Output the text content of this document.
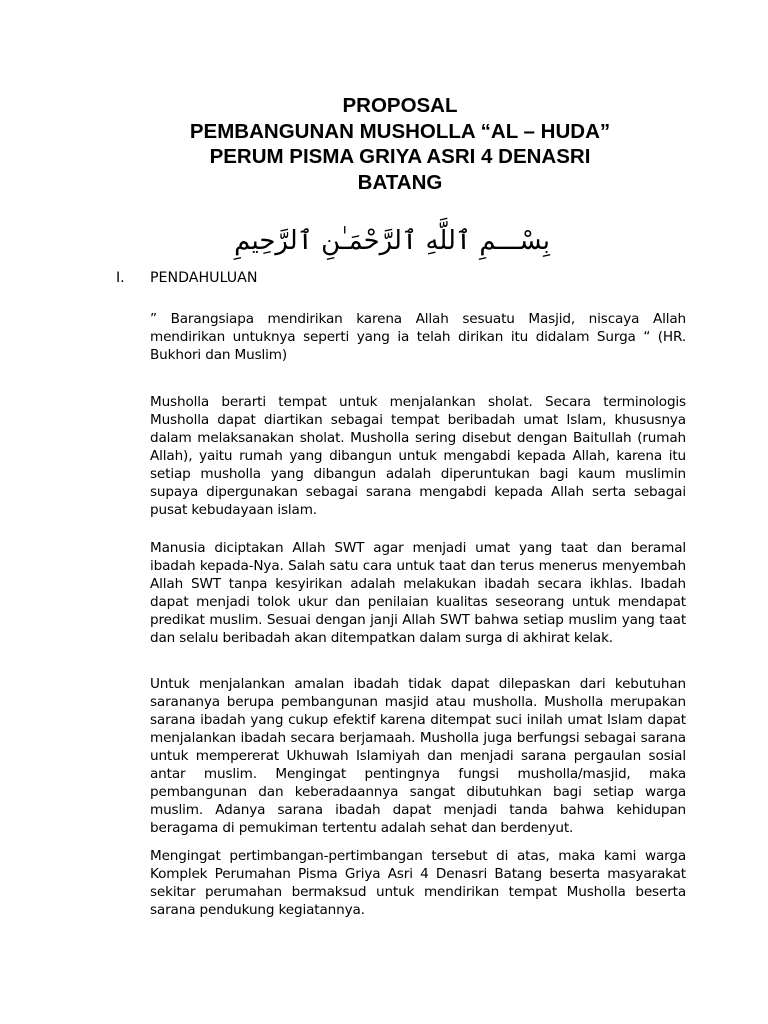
PROPOSAL
PEMBANGUNAN MUSHOLLA “AL – HUDA”
PERUM PISMA GRIYA ASRI 4 DENASRI
BATANG
بِسْـــمِ ٱللَّهِ ٱلرَّحْمَـٰنِ ٱلرَّحِيمِ
I. PENDAHULUAN

” Barangsiapa mendirikan karena Allah sesuatu Masjid, niscaya Allah mendirikan untuknya seperti yang ia telah dirikan itu didalam Surga “ (HR. Bukhori dan Muslim)

Musholla berarti tempat untuk menjalankan sholat. Secara terminologis Musholla dapat diartikan sebagai tempat beribadah umat Islam, khususnya dalam melaksanakan sholat. Musholla sering disebut dengan Baitullah (rumah Allah), yaitu rumah yang dibangun untuk mengabdi kepada Allah, karena itu setiap musholla yang dibangun adalah diperuntukan bagi kaum muslimin supaya dipergunakan sebagai sarana mengabdi kepada Allah serta sebagai pusat kebudayaan islam.

Manusia diciptakan Allah SWT agar menjadi umat yang taat dan beramal ibadah kepada-Nya. Salah satu cara untuk taat dan terus menerus menyembah Allah SWT tanpa kesyirikan adalah melakukan ibadah secara ikhlas. Ibadah dapat menjadi tolok ukur dan penilaian kualitas seseorang untuk mendapat predikat muslim. Sesuai dengan janji Allah SWT bahwa setiap muslim yang taat dan selalu beribadah akan ditempatkan dalam surga di akhirat kelak.

Untuk menjalankan amalan ibadah tidak dapat dilepaskan dari kebutuhan sarananya berupa pembangunan masjid atau musholla. Musholla merupakan sarana ibadah yang cukup efektif karena ditempat suci inilah umat Islam dapat menjalankan ibadah secara berjamaah. Musholla juga berfungsi sebagai sarana untuk mempererat Ukhuwah Islamiyah dan menjadi sarana pergaulan sosial antar muslim. Mengingat pentingnya fungsi musholla/masjid, maka pembangunan dan keberadaannya sangat dibutuhkan bagi setiap warga muslim. Adanya sarana ibadah dapat menjadi tanda bahwa kehidupan beragama di pemukiman tertentu adalah sehat dan berdenyut.

Mengingat pertimbangan-pertimbangan tersebut di atas, maka kami warga Komplek Perumahan Pisma Griya Asri 4 Denasri Batang beserta masyarakat sekitar perumahan bermaksud untuk mendirikan tempat Musholla beserta sarana pendukung kegiatannya.
